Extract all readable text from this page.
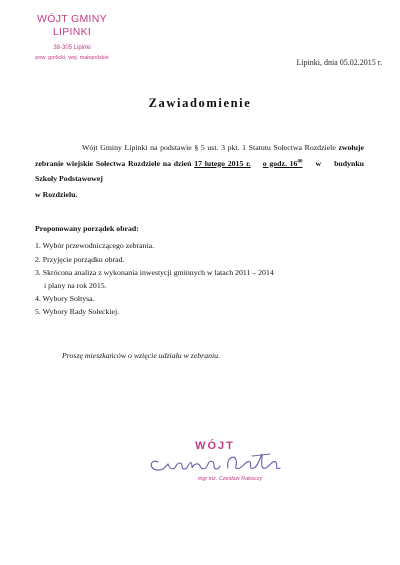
WÓJT GMINY LIPINKI
38-305 Lipinki
pow. gorlicki, woj. małopolskie	Lipinki, dnia 05.02.2015 r.
Zawiadomienie

Wójt Gminy Lipinki na podstawie § 5 ust. 3 pkt. 1 Statutu Sołectwa Rozdziele zwołuje zebranie wiejskie Sołectwa Rozdziele na dzień 17 lutego 2015 r. o godz. $16^{00}$ w budynku Szkoły Podstawowej
w Rozdzielu.

Proponowany porządek obrad:
1. Wybór przewodniczącego zebrania.
2. Przyjęcie porządku obrad.
3. Skrócona analiza z wykonania inwestycji gminnych w latach 2011 – 2014
i plany na rok 2015.
4. Wybory Sołtysa.
5. Wybory Rady Sołeckiej.
Proszę mieszkańców o wzięcie udziału w zebraniu.
WÓJT
mgr inż. Czesław Rakoczy
